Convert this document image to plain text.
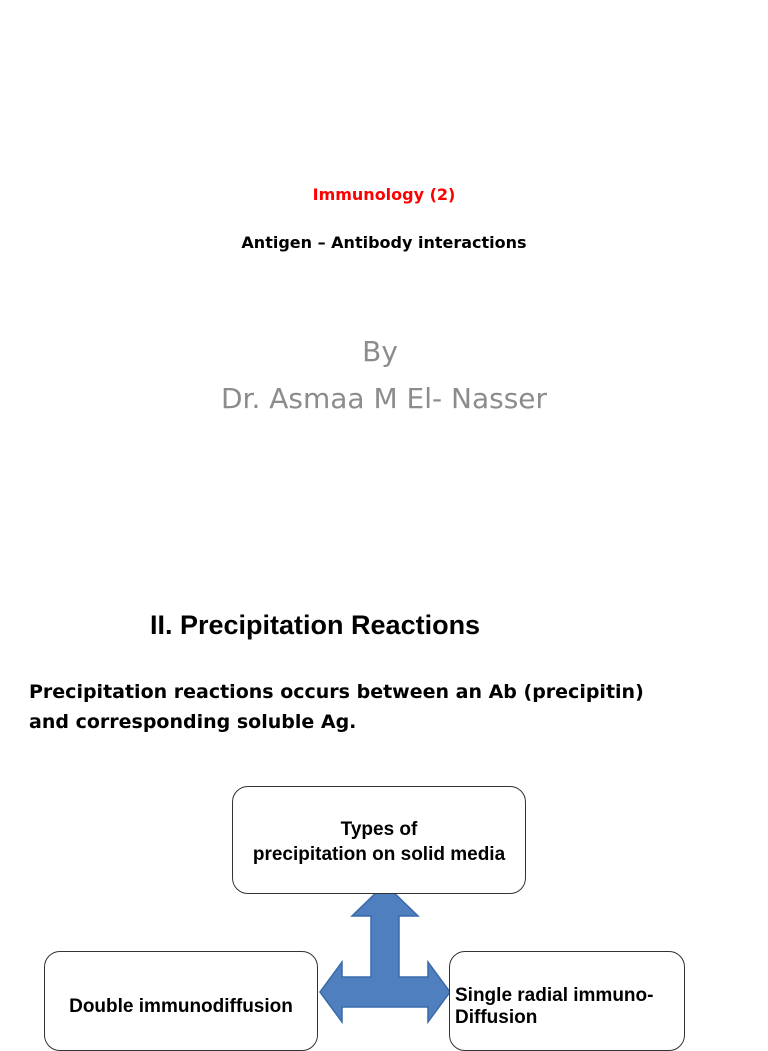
Immunology (2)
Antigen – Antibody interactions
By
Dr. Asmaa M El- Nasser
II. Precipitation Reactions
Precipitation reactions occurs between an Ab (precipitin)
and corresponding soluble Ag.
Types of
precipitation on solid media
Double immunodiffusion
Single radial immuno-
Diffusion
